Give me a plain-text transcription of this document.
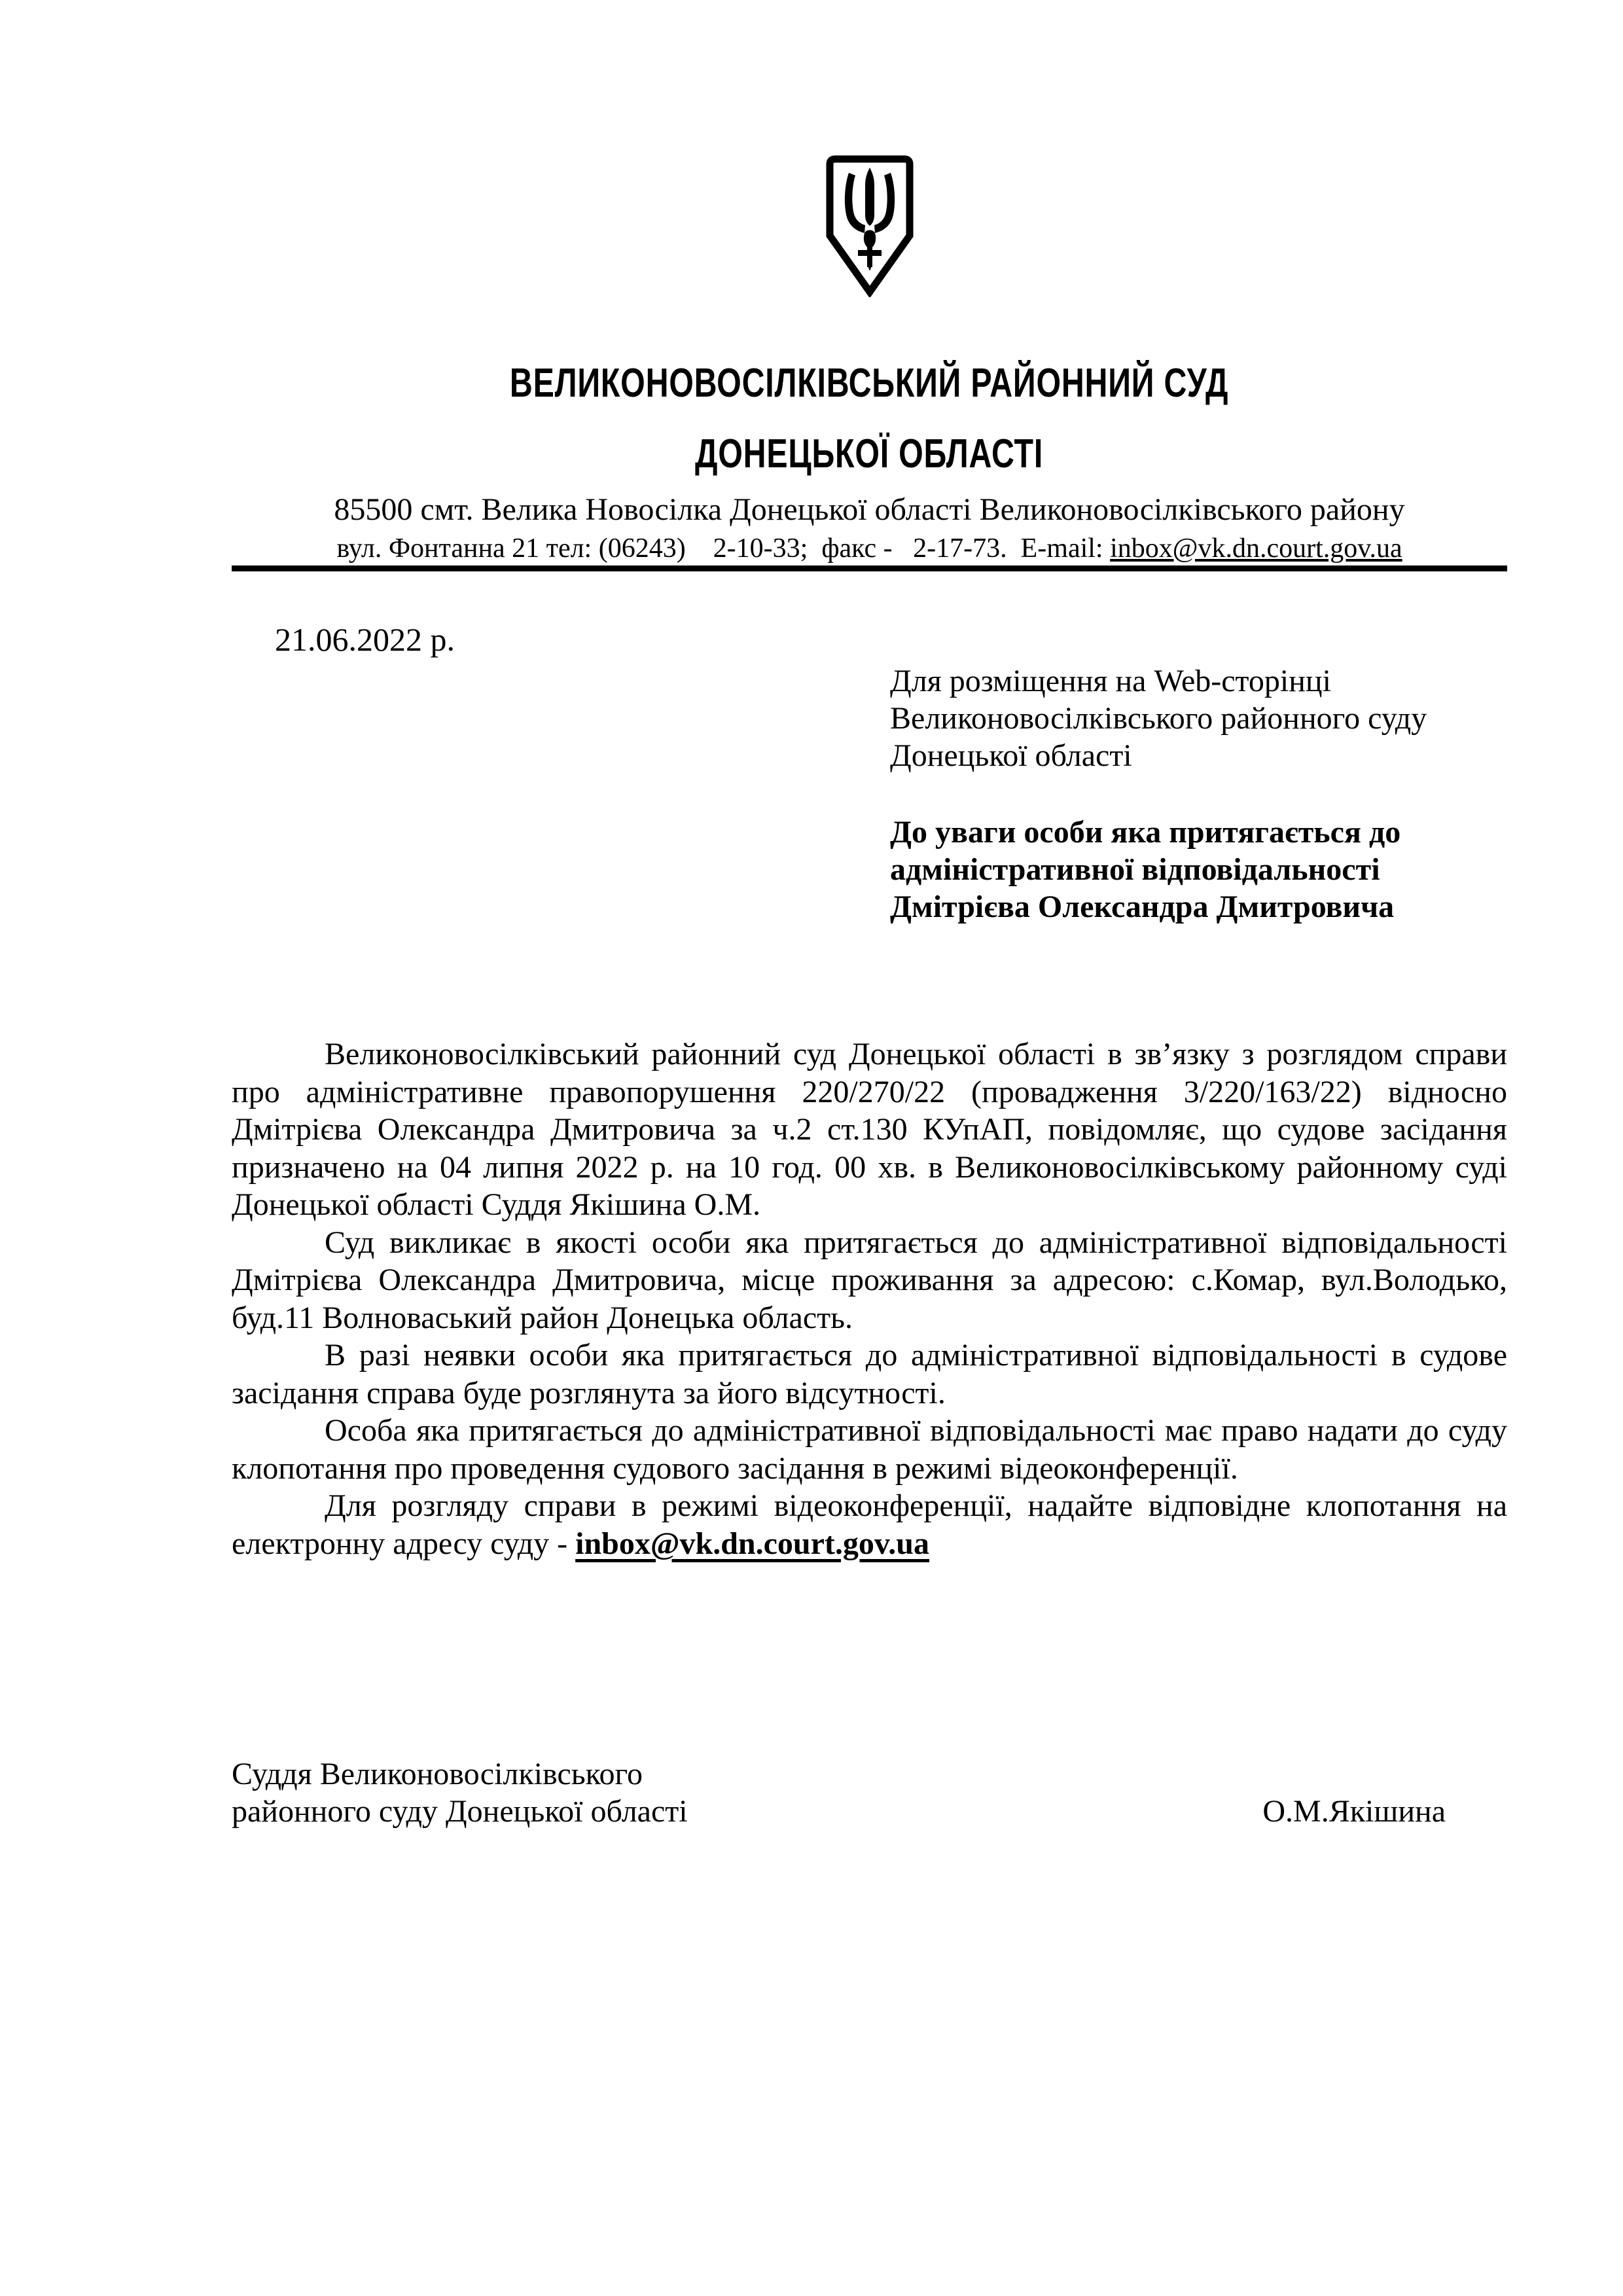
ВЕЛИКОНОВОСІЛКІВСЬКИЙ РАЙОННИЙ СУД
ДОНЕЦЬКОЇ ОБЛАСТІ
85500 смт. Велика Новосілка Донецької області Великоновосілківського району
вул. Фонтанна 21 тел: (06243)    2-10-33;  факс -   2-17-73.  E-mail: inbox@vk.dn.court.gov.ua
21.06.2022 р.
Для розміщення на Web-сторінці
Великоновосілківського районного суду
Донецької області
До уваги особи яка притягається до
адміністративної відповідальності
Дмітрієва Олександра Дмитровича

Великоновосілківський районний суд Донецької області в зв’язку з розглядом справи про адміністративне правопорушення 220/270/22 (провадження 3/220/163/22) відносно Дмітрієва Олександра Дмитровича за ч.2 ст.130 КУпАП, повідомляє, що судове засідання призначено на 04 липня 2022 р. на 10 год. 00 хв. в Великоновосілківському районному суді Донецької області Суддя Якішина О.М.

Суд викликає в якості особи яка притягається до адміністративної відповідальності Дмітрієва Олександра Дмитровича, місце проживання за адресою: с.Комар, вул.Володько, буд.11 Волноваський район Донецька область.

В разі неявки особи яка притягається до адміністративної відповідальності в судове засідання справа буде розглянута за його відсутності.

Особа яка притягається до адміністративної відповідальності має право надати до суду клопотання про проведення судового засідання в режимі відеоконференції.

Для розгляду справи в режимі відеоконференції, надайте відповідне клопотання на електронну адресу суду - inbox@vk.dn.court.gov.ua

Суддя Великоновосілківського
районного суду Донецької області	О.М.Якішина
